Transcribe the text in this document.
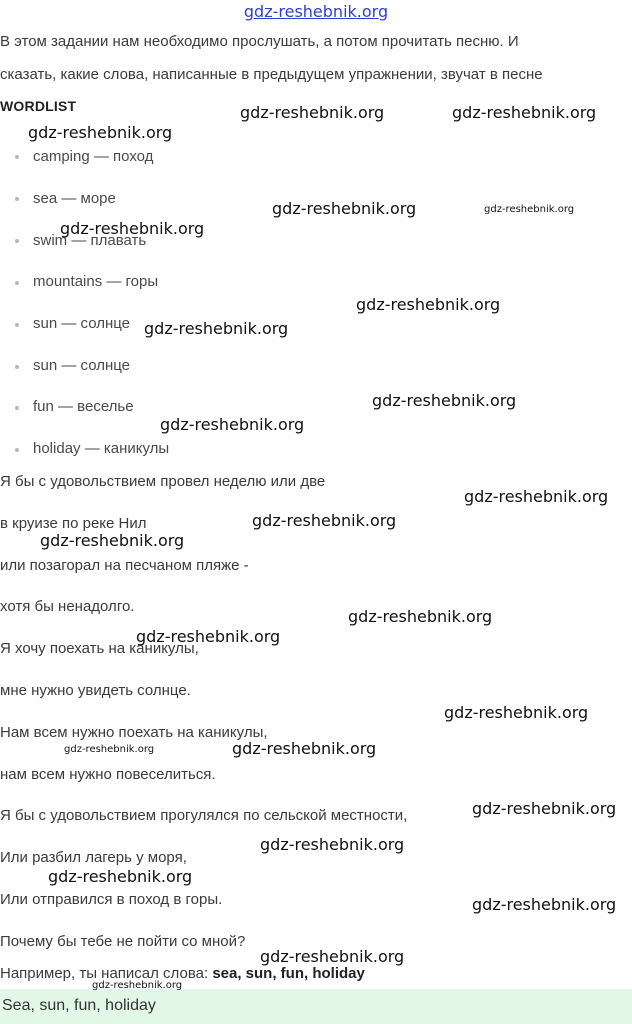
gdz-reshebnik.org
В этом задании нам необходимо прослушать, а потом прочитать песню. И
сказать, какие слова, написанные в предыдущем упражнении, звучат в песне
WORDLIST
camping — поход
sea — море
swim — плавать
mountains — горы
sun — солнце
sun — солнце
fun — веселье
holiday — каникулы
Я бы с удовольствием провел неделю или две
в круизе по реке Нил
или позагорал на песчаном пляже -
хотя бы ненадолго.
Я хочу поехать на каникулы,
мне нужно увидеть солнце.
Нам всем нужно поехать на каникулы,
нам всем нужно повеселиться.
Я бы с удовольствием прогулялся по сельской местности,
Или разбил лагерь у моря,
Или отправился в поход в горы.
Почему бы тебе не пойти со мной?
Например, ты написал слова: sea, sun, fun, holiday
Sea, sun, fun, holiday
gdz-reshebnik.org	gdz-reshebnik.org
gdz-reshebnik.org
gdz-reshebnik.org	gdz-reshebnik.org
gdz-reshebnik.org
gdz-reshebnik.org
gdz-reshebnik.org
gdz-reshebnik.org
gdz-reshebnik.org
gdz-reshebnik.org
gdz-reshebnik.org
gdz-reshebnik.org
gdz-reshebnik.org
gdz-reshebnik.org
gdz-reshebnik.org
gdz-reshebnik.org	gdz-reshebnik.org
gdz-reshebnik.org
gdz-reshebnik.org
gdz-reshebnik.org
gdz-reshebnik.org
gdz-reshebnik.org
gdz-reshebnik.org
